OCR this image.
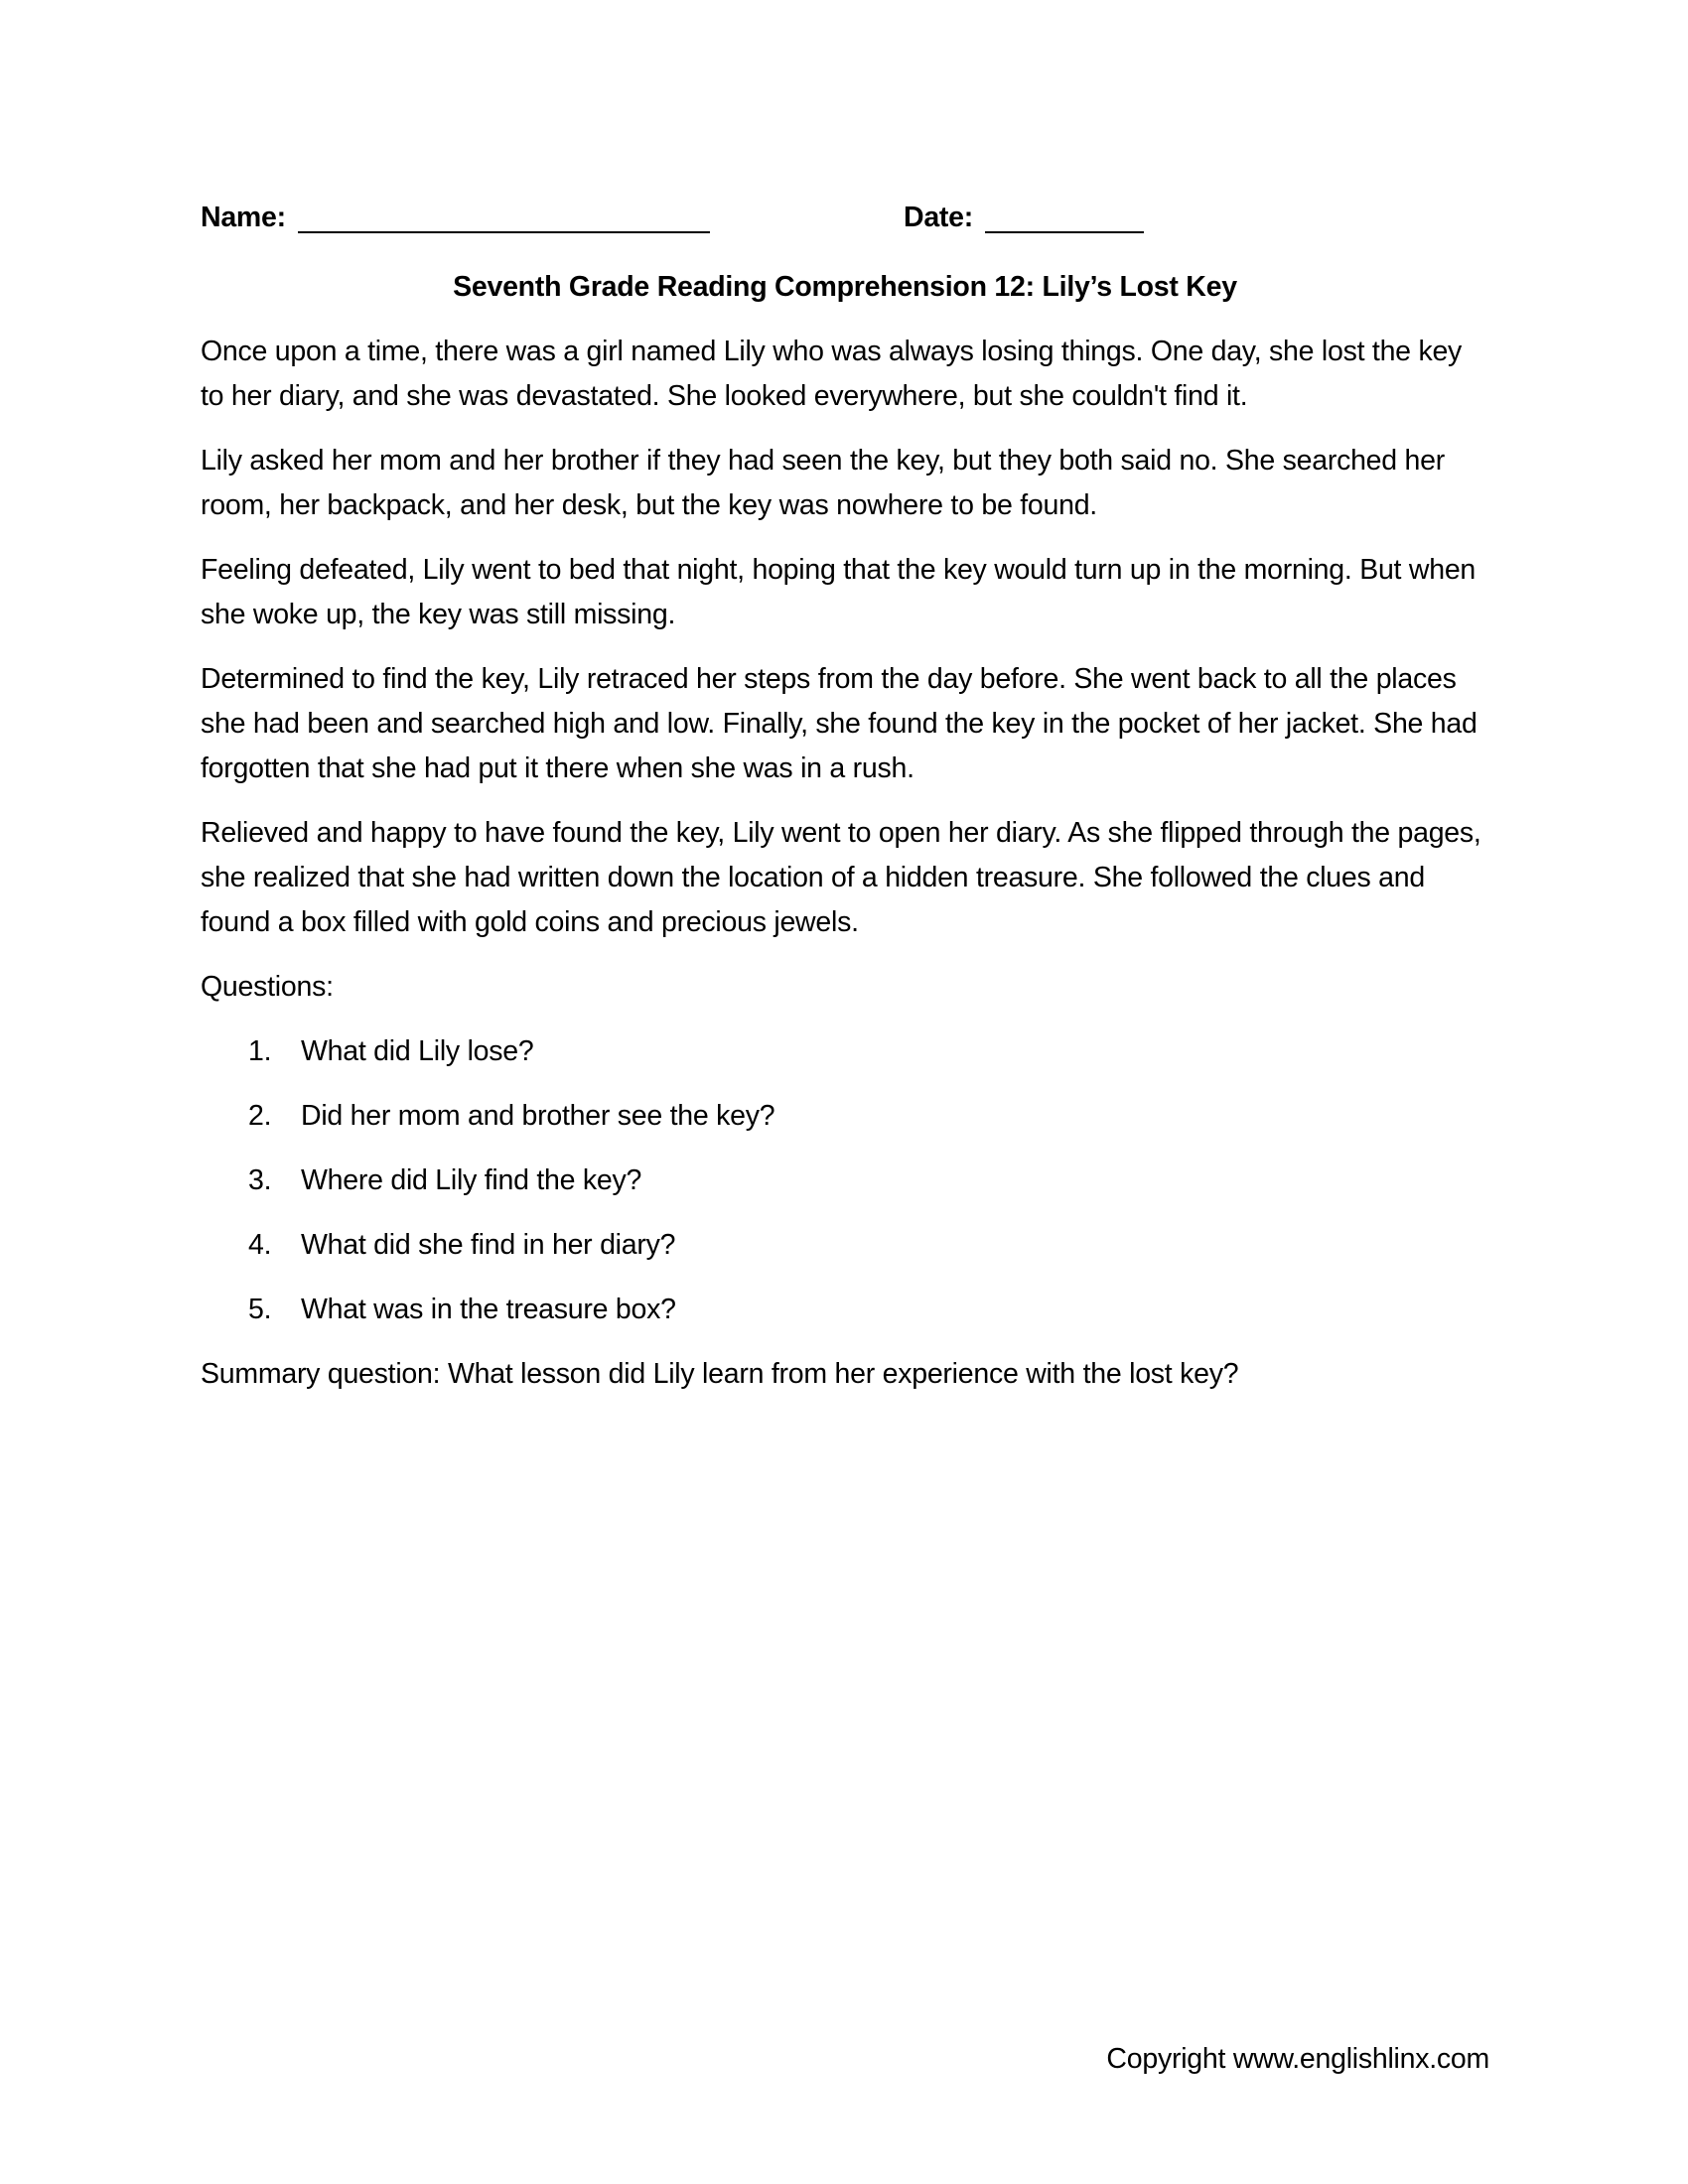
Name:	Date:
Seventh Grade Reading Comprehension 12: Lily’s Lost Key

Once upon a time, there was a girl named Lily who was always losing things. One day, she lost the key to her diary, and she was devastated. She looked everywhere, but she couldn't find it.

Lily asked her mom and her brother if they had seen the key, but they both said no. She searched her room, her backpack, and her desk, but the key was nowhere to be found.

Feeling defeated, Lily went to bed that night, hoping that the key would turn up in the morning. But when she woke up, the key was still missing.

Determined to find the key, Lily retraced her steps from the day before. She went back to all the places she had been and searched high and low. Finally, she found the key in the pocket of her jacket. She had forgotten that she had put it there when she was in a rush.

Relieved and happy to have found the key, Lily went to open her diary. As she flipped through the pages, she realized that she had written down the location of a hidden treasure. She followed the clues and found a box filled with gold coins and precious jewels.

Questions:

1. What did Lily lose?
2. Did her mom and brother see the key?
3. Where did Lily find the key?
4. What did she find in her diary?
5. What was in the treasure box?

Summary question: What lesson did Lily learn from her experience with the lost key?

Copyright www.englishlinx.com
